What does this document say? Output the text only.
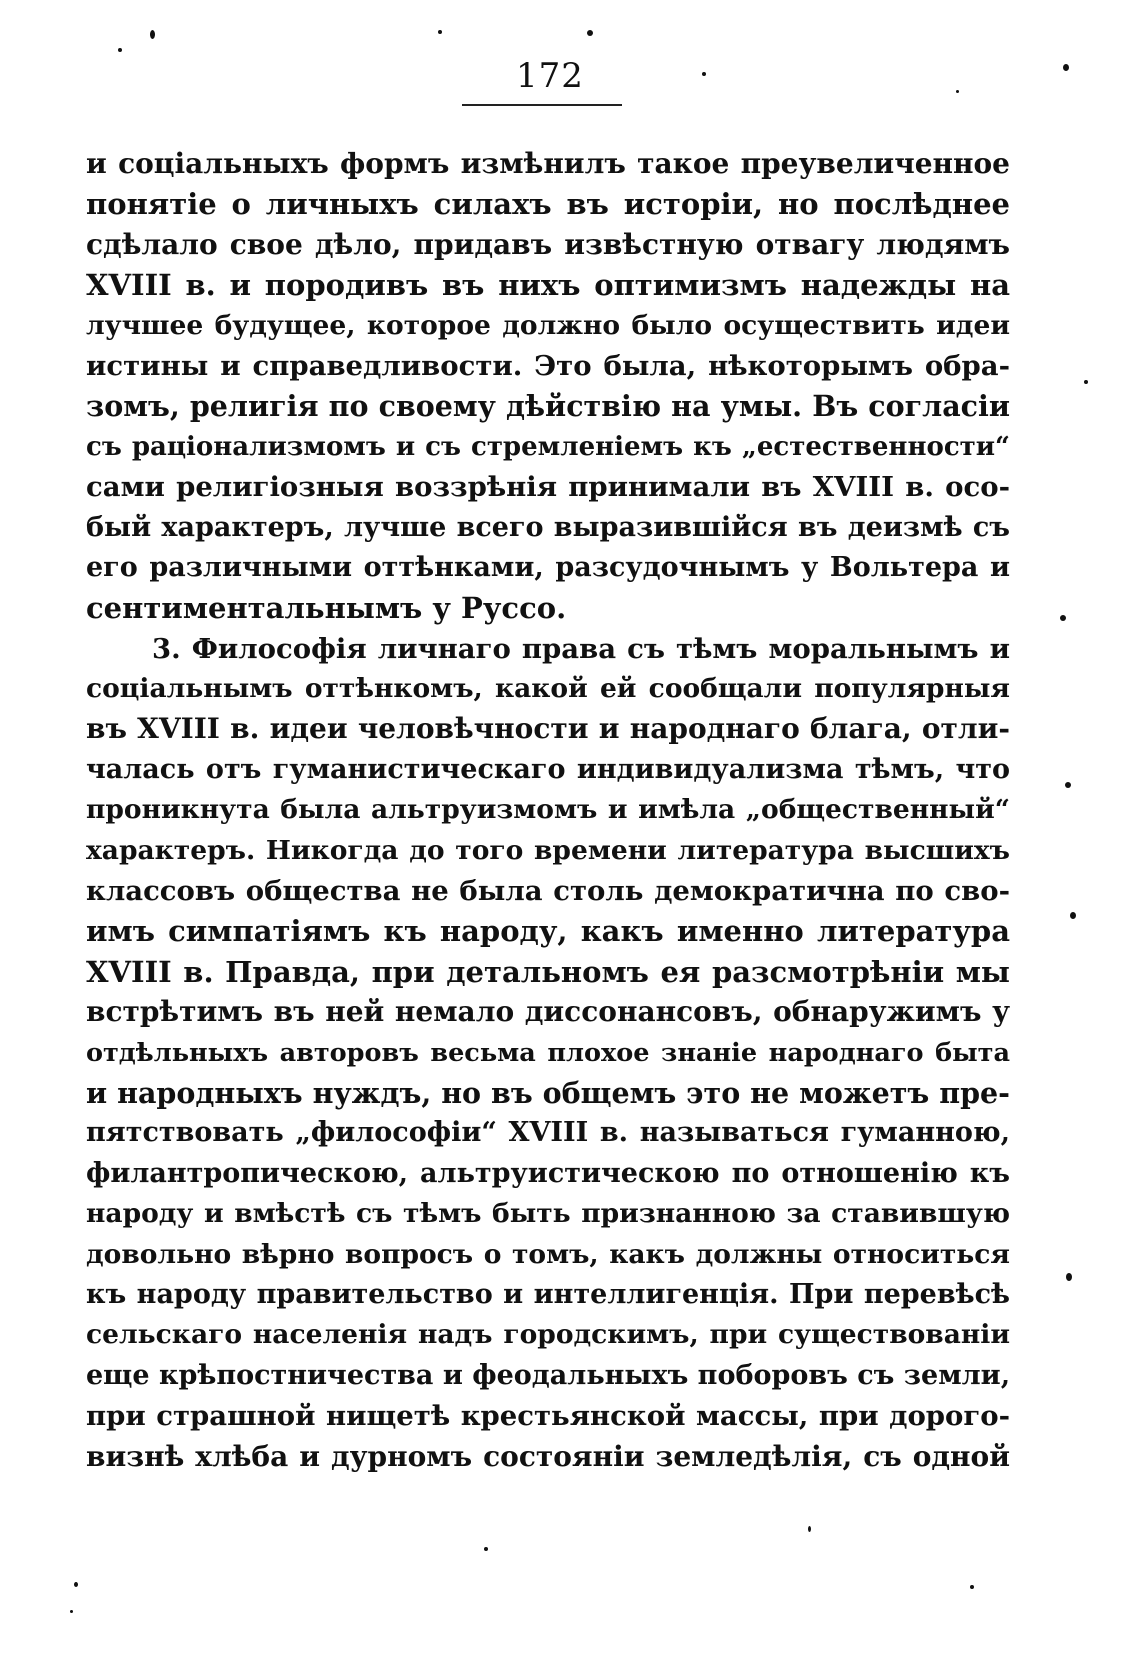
172
и соціальныхъ формъ измѣнилъ такое преувеличенное
понятіе о личныхъ силахъ въ исторіи, но послѣднее
сдѣлало свое дѣло, придавъ извѣстную отвагу людямъ
XVIII в. и породивъ въ нихъ оптимизмъ надежды на
лучшее будущее, которое должно было осуществить идеи
истины и справедливости. Это была, нѣкоторымъ обра-
зомъ, религія по своему дѣйствію на умы. Въ согласіи
съ раціонализмомъ и съ стремленіемъ къ „естественности“
сами религіозныя воззрѣнія принимали въ XVIII в. осо-
бый характеръ, лучше всего выразившійся въ деизмѣ съ
его различными оттѣнками, разсудочнымъ у Вольтера и
сентиментальнымъ у Руссо.
3. Философія личнаго права съ тѣмъ моральнымъ и
соціальнымъ оттѣнкомъ, какой ей сообщали популярныя
въ XVIII в. идеи человѣчности и народнаго блага, отли-
чалась отъ гуманистическаго индивидуализма тѣмъ, что
проникнута была альтруизмомъ и имѣла „общественный“
характеръ. Никогда до того времени литература высшихъ
классовъ общества не была столь демократична по сво-
имъ симпатіямъ къ народу, какъ именно литература
XVIII в. Правда, при детальномъ ея разсмотрѣніи мы
встрѣтимъ въ ней немало диссонансовъ, обнаружимъ у
отдѣльныхъ авторовъ весьма плохое знаніе народнаго быта
и народныхъ нуждъ, но въ общемъ это не можетъ пре-
пятствовать „философіи“ XVIII в. называться гуманною,
филантропическою, альтруистическою по отношенію къ
народу и вмѣстѣ съ тѣмъ быть признанною за ставившую
довольно вѣрно вопросъ о томъ, какъ должны относиться
къ народу правительство и интеллигенція. При перевѣсѣ
сельскаго населенія надъ городскимъ, при существованіи
еще крѣпостничества и феодальныхъ поборовъ съ земли,
при страшной нищетѣ крестьянской массы, при дорого-
визнѣ хлѣба и дурномъ состояніи земледѣлія, съ одной
